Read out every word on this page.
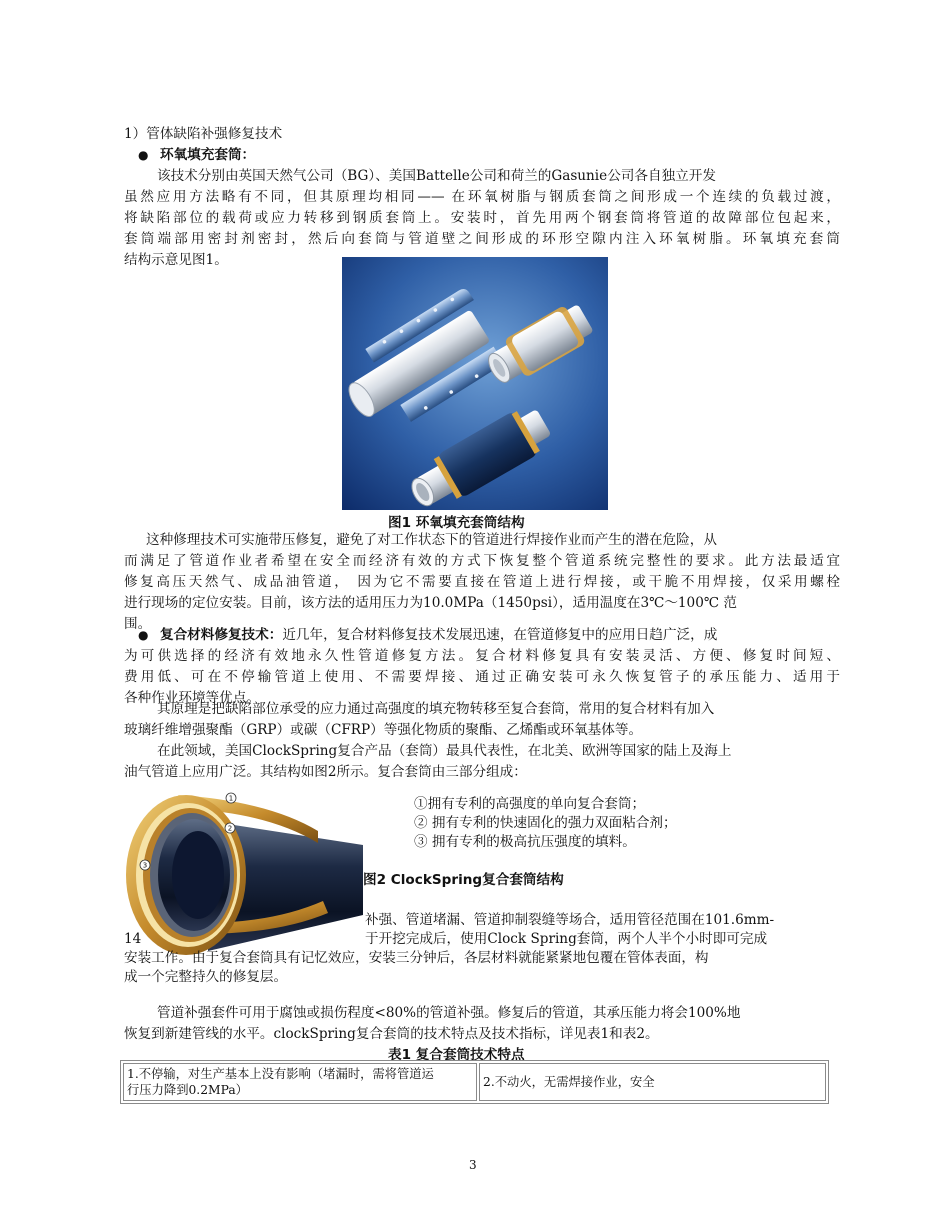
1）管体缺陷补强修复技术
● 环氧填充套筒：
该技术分别由英国天然气公司（BG）、美国Battelle公司和荷兰的Gasunie公司各自独立开发
虽然应用方法略有不同，但其原理均相同—— 在环氧树脂与钢质套筒之间形成一个连续的负载过渡，
将缺陷部位的载荷或应力转移到钢质套筒上。安装时，首先用两个钢套筒将管道的故障部位包起来，
套筒端部用密封剂密封，然后向套筒与管道壁之间形成的环形空隙内注入环氧树脂。环氧填充套筒
结构示意见图1。
图1 环氧填充套筒结构
这种修理技术可实施带压修复，避免了对工作状态下的管道进行焊接作业而产生的潜在危险，从
而满足了管道作业者希望在安全而经济有效的方式下恢复整个管道系统完整性的要求。此方法最适宜
修复高压天然气、成品油管道， 因为它不需要直接在管道上进行焊接，或干脆不用焊接，仅采用螺栓
进行现场的定位安装。目前，该方法的适用压力为10.0MPa（1450psi），适用温度在3℃～100℃ 范
围。
● 复合材料修复技术：近几年，复合材料修复技术发展迅速，在管道修复中的应用日趋广泛，成
为可供选择的经济有效地永久性管道修复方法。复合材料修复具有安装灵活、方便、修复时间短、
费用低、可在不停输管道上使用、不需要焊接、通过正确安装可永久恢复管子的承压能力、适用于
各种作业环境等优点。
其原理是把缺陷部位承受的应力通过高强度的填充物转移至复合套筒，常用的复合材料有加入
玻璃纤维增强聚酯（GRP）或碳（CFRP）等强化物质的聚酯、乙烯酯或环氧基体等。
在此领域，美国ClockSpring复合产品（套筒）最具代表性，在北美、欧洲等国家的陆上及海上
油气管道上应用广泛。其结构如图2所示。复合套筒由三部分组成：
1
2
3
①拥有专利的高强度的单向复合套筒；
② 拥有专利的快速固化的强力双面粘合剂；
③ 拥有专利的极高抗压强度的填料。
图2 ClockSpring复合套筒结构
补强、管道堵漏、管道抑制裂缝等场合，适用管径范围在101.6mm-
14	于开挖完成后，使用Clock Spring套筒，两个人半个小时即可完成
安装工作。由于复合套筒具有记忆效应，安装三分钟后，各层材料就能紧紧地包覆在管体表面，构
成一个完整持久的修复层。
管道补强套件可用于腐蚀或损伤程度<80%的管道补强。修复后的管道，其承压能力将会100%地
恢复到新建管线的水平。clockSpring复合套筒的技术特点及技术指标，详见表1和表2。
表1 复合套筒技术特点
1.不停输，对生产基本上没有影响（堵漏时，需将管道运
行压力降到0.2MPa）
	2.不动火，无需焊接作业，安全
3
